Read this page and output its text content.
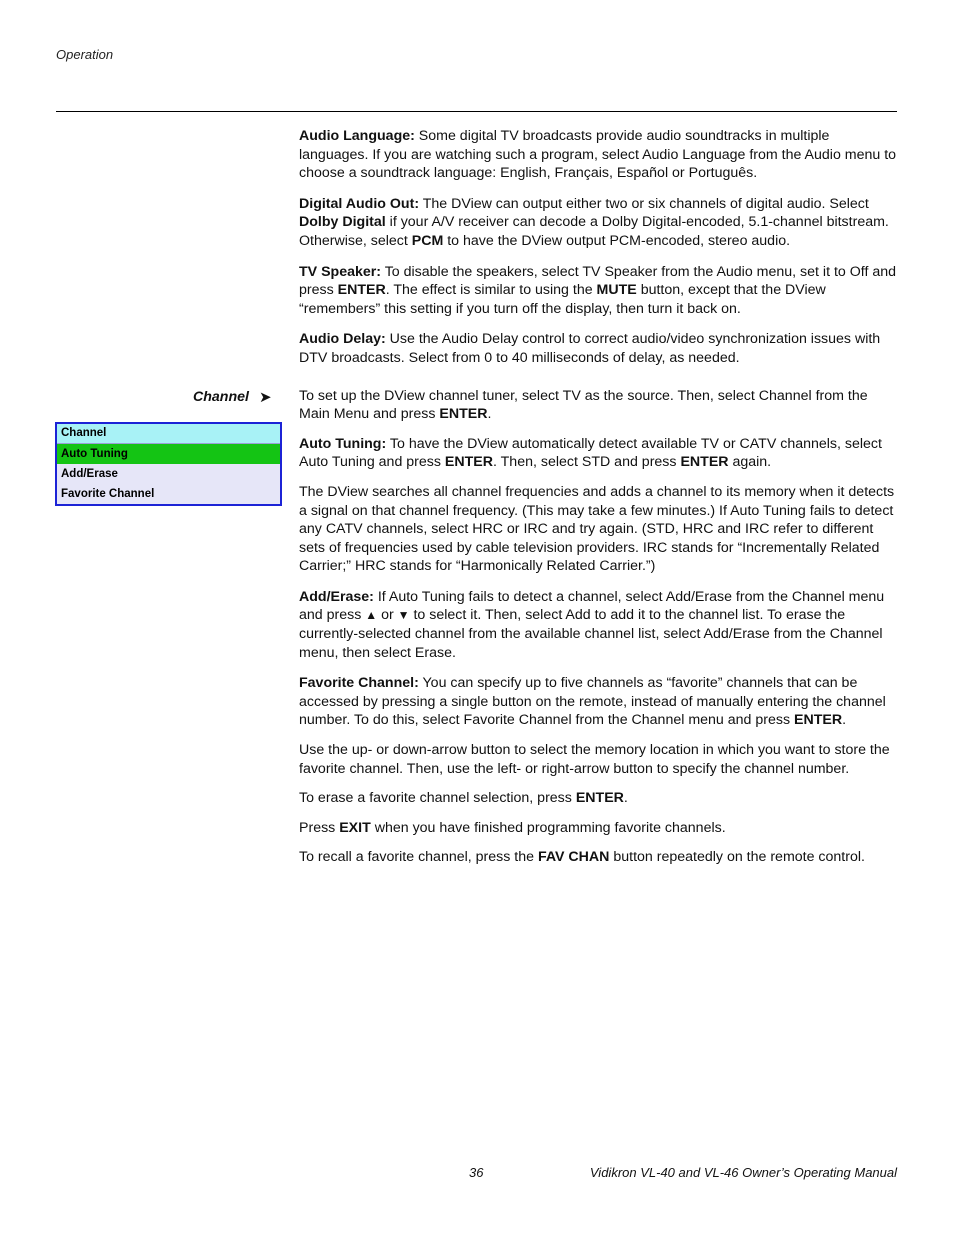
Operation
Channel ➤
Channel
Auto Tuning
Add/Erase
Favorite Channel

Audio Language: Some digital TV broadcasts provide audio soundtracks in multiple languages. If you are watching such a program, select Audio Language from the Audio menu to choose a soundtrack language: English, Français, Español or Português.

Digital Audio Out: The DView can output either two or six channels of digital audio. Select Dolby Digital if your A/V receiver can decode a Dolby Digital-encoded, 5.1-channel bitstream. Otherwise, select PCM to have the DView output PCM-encoded, stereo audio.

TV Speaker: To disable the speakers, select TV Speaker from the Audio menu, set it to Off and press ENTER. The effect is similar to using the MUTE button, except that the DView “remembers” this setting if you turn off the display, then turn it back on.

Audio Delay: Use the Audio Delay control to correct audio/video synchronization issues with DTV broadcasts. Select from 0 to 40 milliseconds of delay, as needed.

To set up the DView channel tuner, select TV as the source. Then, select Channel from the Main Menu and press ENTER.

Auto Tuning: To have the DView automatically detect available TV or CATV channels, select Auto Tuning and press ENTER. Then, select STD and press ENTER again.

The DView searches all channel frequencies and adds a channel to its memory when it detects a signal on that channel frequency. (This may take a few minutes.) If Auto Tuning fails to detect any CATV channels, select HRC or IRC and try again. (STD, HRC and IRC refer to different sets of frequencies used by cable television providers. IRC stands for “Incrementally Related Carrier;” HRC stands for “Harmonically Related Carrier.”)

Add/Erase: If Auto Tuning fails to detect a channel, select Add/Erase from the Channel menu and press ▲ or ▼ to select it. Then, select Add to add it to the channel list. To erase the currently-selected channel from the available channel list, select Add/Erase from the Channel menu, then select Erase.

Favorite Channel: You can specify up to five channels as “favorite” channels that can be accessed by pressing a single button on the remote, instead of manually entering the channel number. To do this, select Favorite Channel from the Channel menu and press ENTER.

Use the up- or down-arrow button to select the memory location in which you want to store the favorite channel. Then, use the left- or right-arrow button to specify the channel number.

To erase a favorite channel selection, press ENTER.

Press EXIT when you have finished programming favorite channels.

To recall a favorite channel, press the FAV CHAN button repeatedly on the remote control.

36	Vidikron VL-40 and VL-46 Owner’s Operating Manual
